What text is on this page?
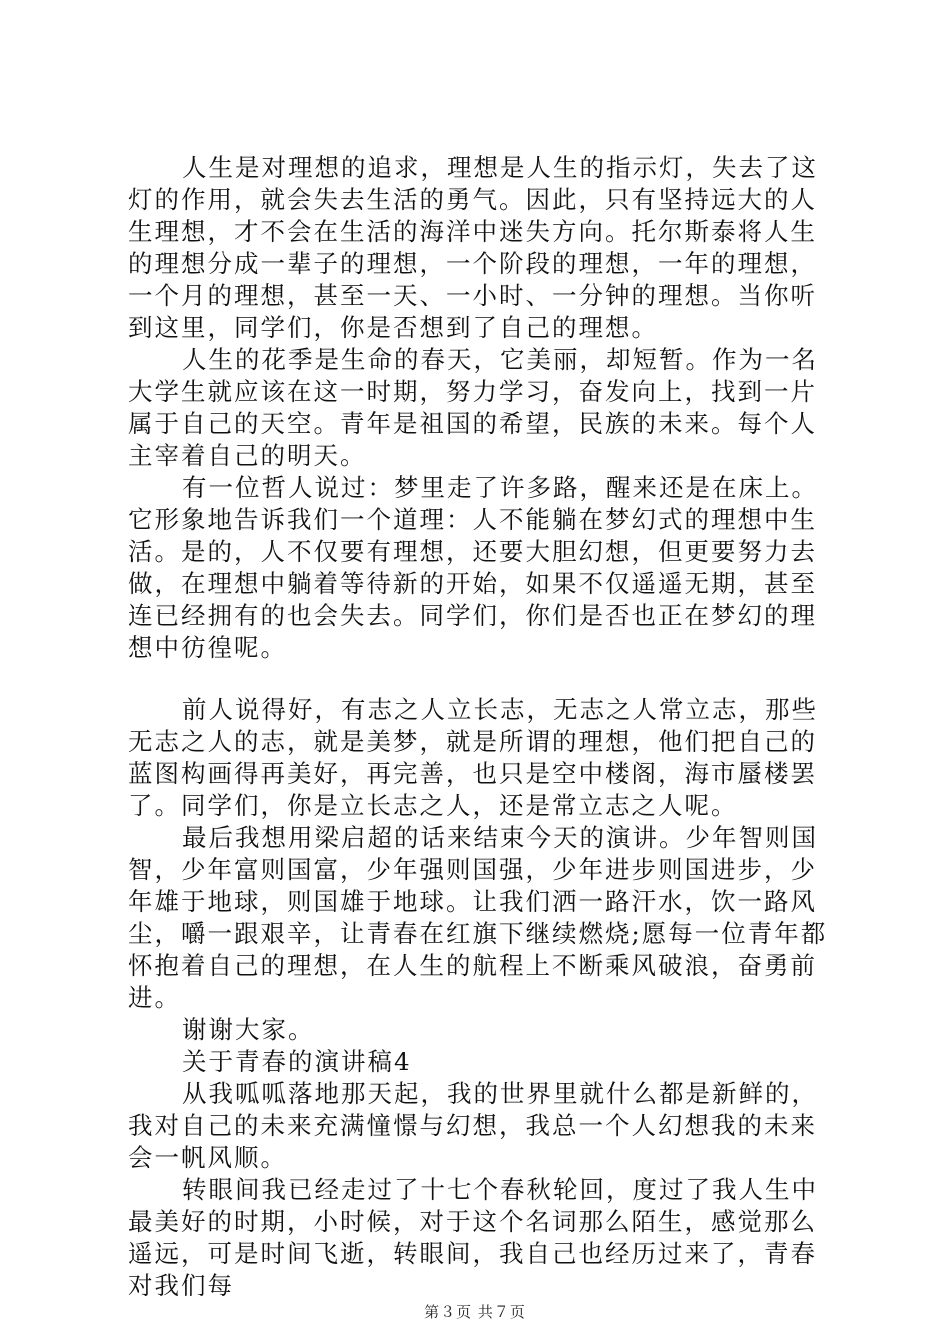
人生是对理想的追求，理想是人生的指示灯，失去了这灯的作用，就会失去生活的勇气。因此，只有坚持远大的人生理想，才不会在生活的海洋中迷失方向。托尔斯泰将人生的理想分成一辈子的理想，一个阶段的理想，一年的理想，一个月的理想，甚至一天、一小时、一分钟的理想。当你听到这里，同学们，你是否想到了自己的理想。

人生的花季是生命的春天，它美丽，却短暂。作为一名大学生就应该在这一时期，努力学习，奋发向上，找到一片属于自己的天空。青年是祖国的希望，民族的未来。每个人主宰着自己的明天。

有一位哲人说过：梦里走了许多路，醒来还是在床上。它形象地告诉我们一个道理：人不能躺在梦幻式的理想中生活。是的，人不仅要有理想，还要大胆幻想，但更要努力去做，在理想中躺着等待新的开始，如果不仅遥遥无期，甚至连已经拥有的也会失去。同学们，你们是否也正在梦幻的理想中彷徨呢。

前人说得好，有志之人立长志，无志之人常立志，那些无志之人的志，就是美梦，就是所谓的理想，他们把自己的蓝图构画得再美好，再完善，也只是空中楼阁，海市蜃楼罢了。同学们，你是立长志之人，还是常立志之人呢。

最后我想用梁启超的话来结束今天的演讲。少年智则国智，少年富则国富，少年强则国强，少年进步则国进步，少年雄于地球，则国雄于地球。让我们洒一路汗水，饮一路风尘，嚼一跟艰辛，让青春在红旗下继续燃烧;愿每一位青年都怀抱着自己的理想，在人生的航程上不断乘风破浪，奋勇前进。

谢谢大家。

关于青春的演讲稿4

从我呱呱落地那天起，我的世界里就什么都是新鲜的，我对自己的未来充满憧憬与幻想，我总一个人幻想我的未来会一帆风顺。

转眼间我已经走过了十七个春秋轮回，度过了我人生中最美好的时期，小时候，对于这个名词那么陌生，感觉那么遥远，可是时间飞逝，转眼间，我自己也经历过来了，青春对我们每

第３页 共７页
